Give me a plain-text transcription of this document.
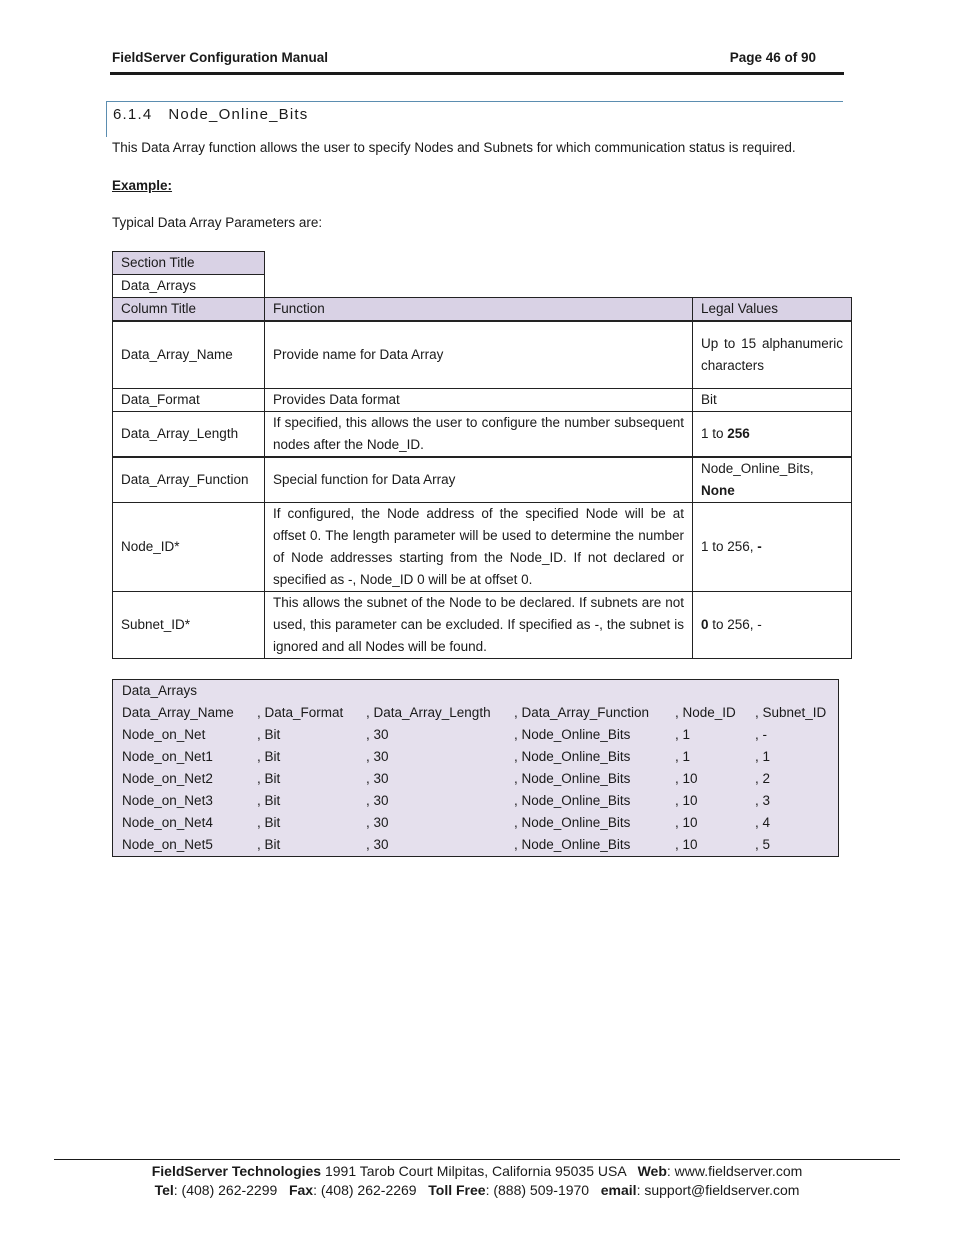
FieldServer Configuration Manual	Page 46 of 90
6.1.4 Node_Online_Bits
This Data Array function allows the user to specify Nodes and Subnets for which communication status is required.
Example:
Typical Data Array Parameters are:
Section Title		
Data_Arrays		
Column Title	Function	Legal Values
Data_Array_Name	Provide name for Data Array	Up to 15 alphanumeric characters
Data_Format	Provides Data format	Bit
Data_Array_Length	If specified, this allows the user to configure the number subsequent nodes after the Node_ID.	1 to 256
Data_Array_Function	Special function for Data Array	Node_Online_Bits,
None
Node_ID*	If configured, the Node address of the specified Node will be at offset 0. The length parameter will be used to determine the number of Node addresses starting from the Node_ID. If not declared or specified as -, Node_ID 0 will be at offset 0.	1 to 256, -
Subnet_ID*	This allows the subnet of the Node to be declared. If subnets are not used, this parameter can be excluded. If specified as -, the subnet is ignored and all Nodes will be found.	0 to 256, -
Data_Arrays
Data_Array_Name , Data_Format , Data_Array_Length , Data_Array_Function , Node_ID , Subnet_ID
Node_on_Net	, Bit	, 30	, Node_Online_Bits	, 1	, -
Node_on_Net1	, Bit	, 30	, Node_Online_Bits	, 1	, 1
Node_on_Net2	, Bit	, 30	, Node_Online_Bits	, 10	, 2
Node_on_Net3	, Bit	, 30	, Node_Online_Bits	, 10	, 3
Node_on_Net4	, Bit	, 30	, Node_Online_Bits	, 10	, 4
Node_on_Net5	, Bit	, 30	, Node_Online_Bits	, 10	, 5
FieldServer Technologies 1991 Tarob Court Milpitas, California 95035 USA   Web: www.fieldserver.com
Tel: (408) 262-2299   Fax: (408) 262-2269   Toll Free: (888) 509-1970   email: support@fieldserver.com
